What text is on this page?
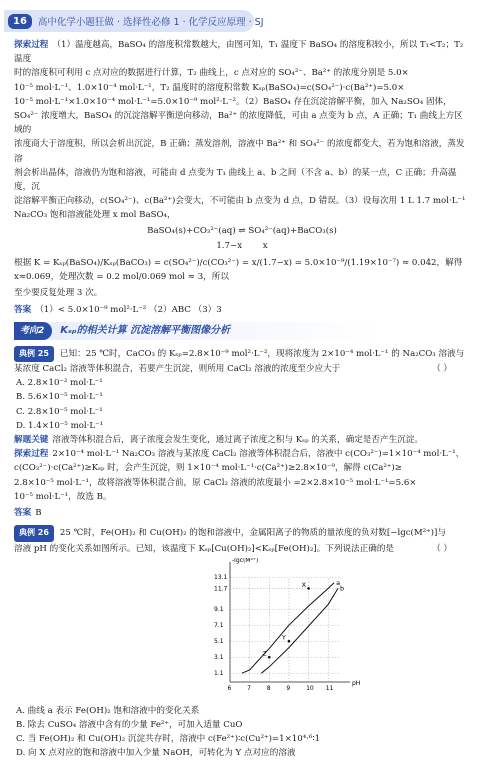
16	高中化学小题狂做 · 选择性必修 1 · 化学反应原理 · SJ

探索过程 （1）温度越高，BaSO₄ 的溶度积常数越大，由图可知，T₁ 温度下 BaSO₄ 的溶度积较小，所以 T₁<T₂；T₂ 温度

时的溶度积可利用 c 点对应的数据进行计算，T₂ 曲线上，c 点对应的 SO₄²⁻、Ba²⁺ 的浓度分别是 5.0×

10⁻⁵ mol·L⁻¹、1.0×10⁻⁴ mol·L⁻¹，T₂ 温度时的溶度积常数 Kₛₚ(BaSO₄)=c(SO₄²⁻)·c(Ba²⁺)=5.0×

10⁻⁵ mol·L⁻¹×1.0×10⁻⁴ mol·L⁻¹=5.0×10⁻⁹ mol²·L⁻²。（2）BaSO₄ 存在沉淀溶解平衡，加入 Na₂SO₄ 固体，

SO₄²⁻ 浓度增大，BaSO₄ 的沉淀溶解平衡逆向移动，Ba²⁺ 的浓度降低，可由 a 点变为 b 点，A 正确；T₁ 曲线上方区域的

浓度商大于溶度积，所以会析出沉淀，B 正确；蒸发溶剂，溶液中 Ba²⁺ 和 SO₄²⁻ 的浓度都变大，若为饱和溶液，蒸发溶

剂会析出晶体，溶液仍为饱和溶液，可能由 d 点变为 T₁ 曲线上 a、b 之间（不含 a、b）的某一点，C 正确；升高温度，沉

淀溶解平衡正向移动，c(SO₄²⁻)、c(Ba²⁺)会变大，不可能由 b 点变为 d 点，D 错误。（3）设每次用 1 L 1.7 mol·L⁻¹

Na₂CO₃ 饱和溶液能处理 x mol BaSO₄，

BaSO₄(s)+CO₃²⁻(aq) ⇌ SO₄²⁻(aq)+BaCO₃(s)

1.7−x x

根据 K = Kₛₚ(BaSO₄)/Kₛₚ(BaCO₃) = c(SO₄²⁻)/c(CO₃²⁻) = x/(1.7−x) = 5.0×10⁻⁹/(1.19×10⁻⁷) ≈ 0.042，解得 x≈0.069，处理次数 = 0.2 mol/0.069 mol ≈ 3，所以

至少要反复处理 3 次。

答案 （1）< 5.0×10⁻⁹ mol²·L⁻² （2）ABC （3）3

考向2	Kₛₚ的相关计算 沉淀溶解平衡图像分析

典例 25 已知：25 ℃时，CaCO₃ 的 Kₛₚ=2.8×10⁻⁹ mol²·L⁻²，现将浓度为 2×10⁻⁴ mol·L⁻¹ 的 Na₂CO₃ 溶液与

某浓度 CaCl₂ 溶液等体积混合，若要产生沉淀，则所用 CaCl₂ 溶液的浓度至少应大于	（ ）

A. 2.8×10⁻² mol·L⁻¹

B. 5.6×10⁻⁵ mol·L⁻¹

C. 2.8×10⁻⁵ mol·L⁻¹

D. 1.4×10⁻⁵ mol·L⁻¹

解题关键 溶液等体积混合后，离子浓度会发生变化，通过离子浓度之积与 Kₛₚ 的关系，确定是否产生沉淀。

探索过程 2×10⁻⁴ mol·L⁻¹ Na₂CO₃ 溶液与某浓度 CaCl₂ 溶液等体积混合后，溶液中 c(CO₃²⁻)=1×10⁻⁴ mol·L⁻¹，

c(CO₃²⁻)·c(Ca²⁺)≥Kₛₚ 时，会产生沉淀，则 1×10⁻⁴ mol·L⁻¹·c(Ca²⁺)≥2.8×10⁻⁹，解得 c(Ca²⁺)≥

2.8×10⁻⁵ mol·L⁻¹，故将溶液等体积混合前，原 CaCl₂ 溶液的浓度最小 =2×2.8×10⁻⁵ mol·L⁻¹=5.6×

10⁻⁵ mol·L⁻¹，故选 B。

答案 B

典例 26 25 ℃时，Fe(OH)₂ 和 Cu(OH)₂ 的饱和溶液中，金属阳离子的物质的量浓度的负对数[−lgc(M²⁺)]与

溶液 pH 的变化关系如图所示。已知，该温度下 Kₛₚ[Cu(OH)₂]<Kₛₚ[Fe(OH)₂]。下列说法正确的是	（ ）

pH
-lgc(M²⁺)
6	7	8	9	10 11
1.1
3.1
5.1
7.1
9.1
11.7
13.1
a
b
X
Y
Z

A. 曲线 a 表示 Fe(OH)₂ 饱和溶液中的变化关系

B. 除去 CuSO₄ 溶液中含有的少量 Fe²⁺，可加入适量 CuO

C. 当 Fe(OH)₂ 和 Cu(OH)₂ 沉淀共存时，溶液中 c(Fe²⁺)∶c(Cu²⁺)=1×10⁴·⁶∶1

D. 向 X 点对应的饱和溶液中加入少量 NaOH，可转化为 Y 点对应的溶液
